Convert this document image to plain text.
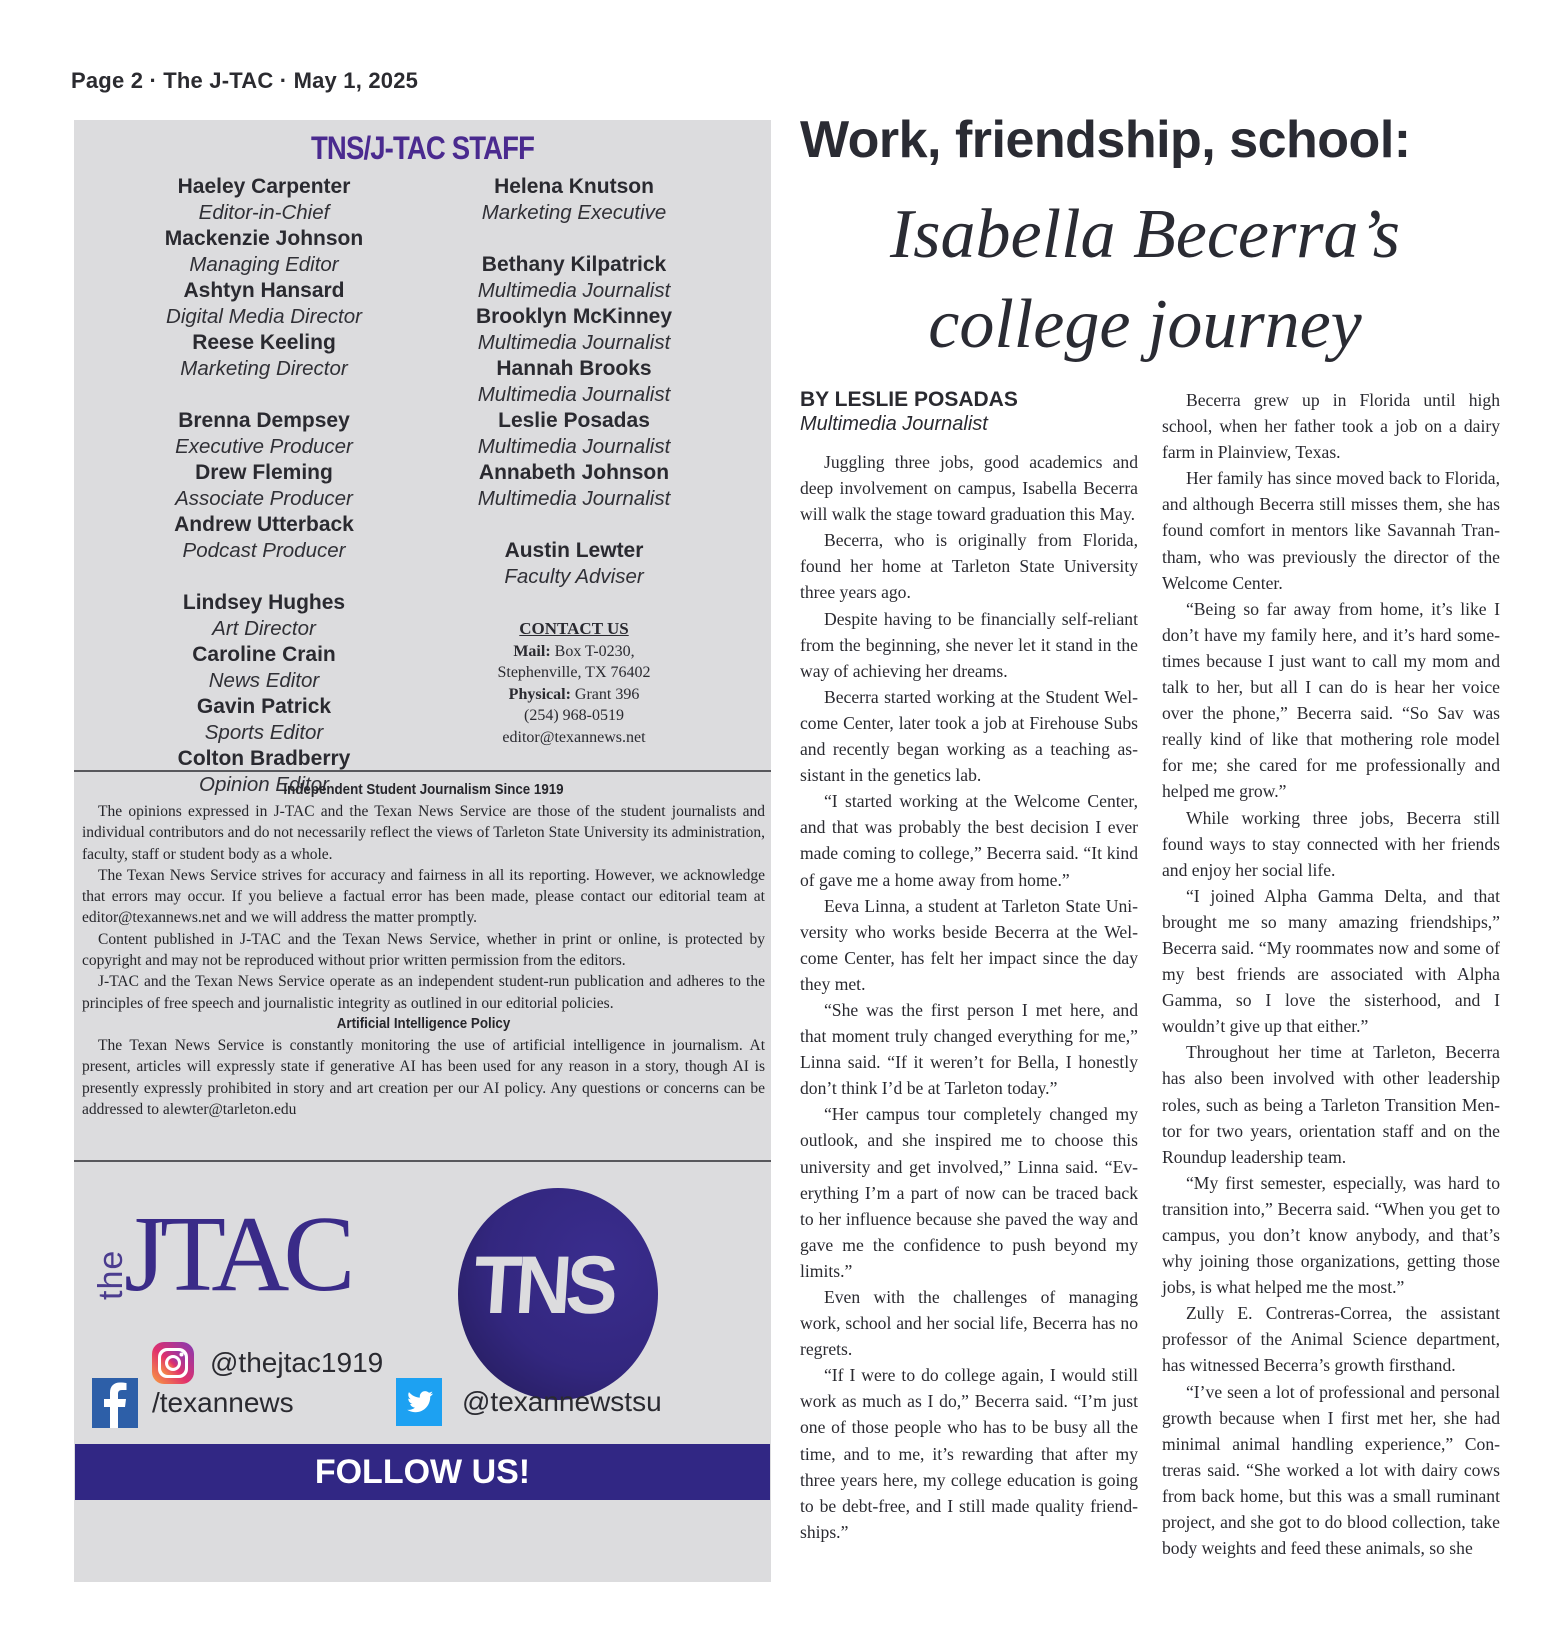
Page 2 · The J-TAC · May 1, 2025
TNS/J-TAC STAFF
Haeley Carpenter
Editor-in-Chief
Mackenzie Johnson
Managing Editor
Ashtyn Hansard
Digital Media Director
Reese Keeling
Marketing Director
Brenna Dempsey
Executive Producer
Drew Fleming
Associate Producer
Andrew Utterback
Podcast Producer
Lindsey Hughes
Art Director
Caroline Crain
News Editor
Gavin Patrick
Sports Editor
Colton Bradberry
Opinion Editor
Helena Knutson
Marketing Executive
Bethany Kilpatrick
Multimedia Journalist
Brooklyn McKinney
Multimedia Journalist
Hannah Brooks
Multimedia Journalist
Leslie Posadas
Multimedia Journalist
Annabeth Johnson
Multimedia Journalist
Austin Lewter
Faculty Adviser
CONTACT US
Mail: Box T-0230,
Stephenville, TX 76402
Physical: Grant 396
(254) 968-0519
editor@texannews.net
Independent Student Journalism Since 1919
The opinions expressed in J-TAC and the Texan News Service are those of the student journalists and individual contributors and do not necessarily reflect the views of Tarleton State University its administration, faculty, staff or student body as a whole.
The Texan News Service strives for accuracy and fairness in all its reporting. However, we acknowledge that errors may occur. If you believe a factual error has been made, please contact our editorial team at editor@texannews.net and we will address the matter promptly.
Content published in J-TAC and the Texan News Service, whether in print or online, is protected by copyright and may not be reproduced without prior written permission from the editors.
J-TAC and the Texan News Service operate as an independent student-run publication and adheres to the principles of free speech and journalistic integrity as outlined in our editorial policies.
Artificial Intelligence Policy
The Texan News Service is constantly monitoring the use of artificial intelligence in journalism. At present, articles will expressly state if generative AI has been used for any reason in a story, though AI is presently expressly prohibited in story and art creation per our AI policy. Any questions or concerns can be addressed to alewter@tarleton.edu
the
JTAC TNS
@thejtac1919
/texannews	@texannewstsu
FOLLOW US!
Work, friendship, school:
Isabella Becerra’s
college journey
BY LESLIE POSADAS
Multimedia Journalist

Juggling three jobs, good academics and deep involvement on campus, Isabella Becerra will walk the stage toward graduation this May.

Becerra, who is originally from Florida, found her home at Tarleton State University three years ago.

Despite having to be financially self-reliant from the beginning, she never let it stand in the way of achieving her dreams.

Becerra started working at the Student Welcome Center, later took a job at Firehouse Subs and recently began working as a teaching assistant in the genetics lab.

“I started working at the Welcome Center, and that was probably the best decision I ever made coming to college,” Becerra said. “It kind of gave me a home away from home.”

Eeva Linna, a student at Tarleton State University who works beside Becerra at the Welcome Center, has felt her impact since the day they met.

“She was the first person I met here, and that moment truly changed everything for me,” Linna said. “If it weren’t for Bella, I honestly don’t think I’d be at Tarleton today.”

“Her campus tour completely changed my outlook, and she inspired me to choose this university and get involved,” Linna said. “Everything I’m a part of now can be traced back to her influence because she paved the way and gave me the confidence to push beyond my limits.”

Even with the challenges of managing work, school and her social life, Becerra has no regrets.

“If I were to do college again, I would still work as much as I do,” Becerra said. “I’m just one of those people who has to be busy all the time, and to me, it’s rewarding that after my three years here, my college education is going to be debt-free, and I still made quality friendships.”

Becerra grew up in Florida until high school, when her father took a job on a dairy farm in Plainview, Texas.

Her family has since moved back to Florida, and although Becerra still misses them, she has found comfort in mentors like Savannah Trantham, who was previously the director of the Welcome Center.

“Being so far away from home, it’s like I don’t have my family here, and it’s hard sometimes because I just want to call my mom and talk to her, but all I can do is hear her voice over the phone,” Becerra said. “So Sav was really kind of like that mothering role model for me; she cared for me professionally and helped me grow.”

While working three jobs, Becerra still found ways to stay connected with her friends and enjoy her social life.

“I joined Alpha Gamma Delta, and that brought me so many amazing friendships,” Becerra said. “My roommates now and some of my best friends are associated with Alpha Gamma, so I love the sisterhood, and I wouldn’t give up that either.”

Throughout her time at Tarleton, Becerra has also been involved with other leadership roles, such as being a Tarleton Transition Mentor for two years, orientation staff and on the Roundup leadership team.

“My first semester, especially, was hard to transition into,” Becerra said. “When you get to campus, you don’t know anybody, and that’s why joining those organizations, getting those jobs, is what helped me the most.”

Zully E. Contreras-Correa, the assistant professor of the Animal Science department, has witnessed Becerra’s growth firsthand.

“I’ve seen a lot of professional and personal growth because when I first met her, she had minimal animal handling experience,” Contreras said. “She worked a lot with dairy cows from back home, but this was a small ruminant project, and she got to do blood collection, take body weights and feed these animals, so she
